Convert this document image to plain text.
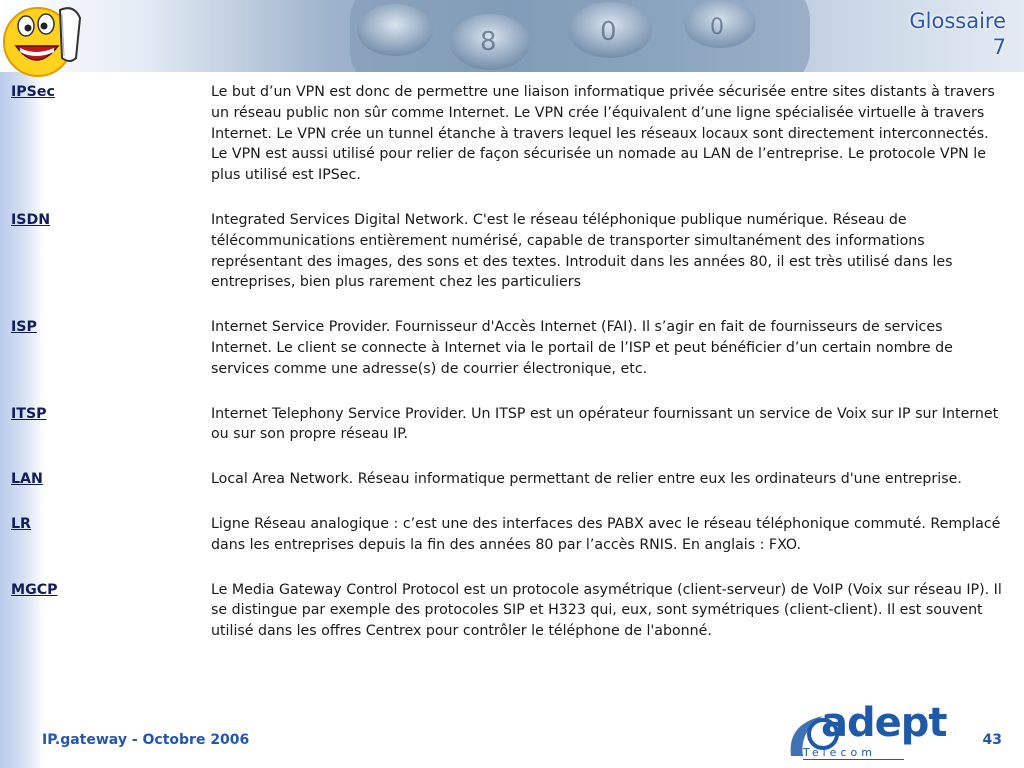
8	0	0	Glossaire
7
IPSec	Le but d’un VPN est donc de permettre une liaison informatique privée sécurisée entre sites distants à travers un réseau public non sûr comme Internet. Le VPN crée l’équivalent d’une ligne spécialisée virtuelle à travers Internet. Le VPN crée un tunnel étanche à travers lequel les réseaux locaux sont directement interconnectés. Le VPN est aussi utilisé pour relier de façon sécurisée un nomade au LAN de l’entreprise. Le protocole VPN le plus utilisé est IPSec.
ISDN	Integrated Services Digital Network. C'est le réseau téléphonique publique numérique. Réseau de télécommunications entièrement numérisé, capable de transporter simultanément des informations représentant des images, des sons et des textes. Introduit dans les années 80, il est très utilisé dans les entreprises, bien plus rarement chez les particuliers
ISP	Internet Service Provider. Fournisseur d'Accès Internet (FAI). Il s’agir en fait de fournisseurs de services Internet. Le client se connecte à Internet via le portail de l’ISP et peut bénéficier d’un certain nombre de services comme une adresse(s) de courrier électronique, etc.
ITSP	Internet Telephony Service Provider. Un ITSP est un opérateur fournissant un service de Voix sur IP sur Internet ou sur son propre réseau IP.
LAN	Local Area Network. Réseau informatique permettant de relier entre eux les ordinateurs d'une entreprise.
LR	Ligne Réseau analogique : c’est une des interfaces des PABX avec le réseau téléphonique commuté. Remplacé dans les entreprises depuis la fin des années 80 par l’accès RNIS. En anglais : FXO.
MGCP	Le Media Gateway Control Protocol est un protocole asymétrique (client-serveur) de VoIP (Voix sur réseau IP). Il se distingue par exemple des protocoles SIP et H323 qui, eux, sont symétriques (client-client). Il est souvent utilisé dans les offres Centrex pour contrôler le téléphone de l'abonné.
IP.gateway - Octobre 2006	adept
Telecom
43
